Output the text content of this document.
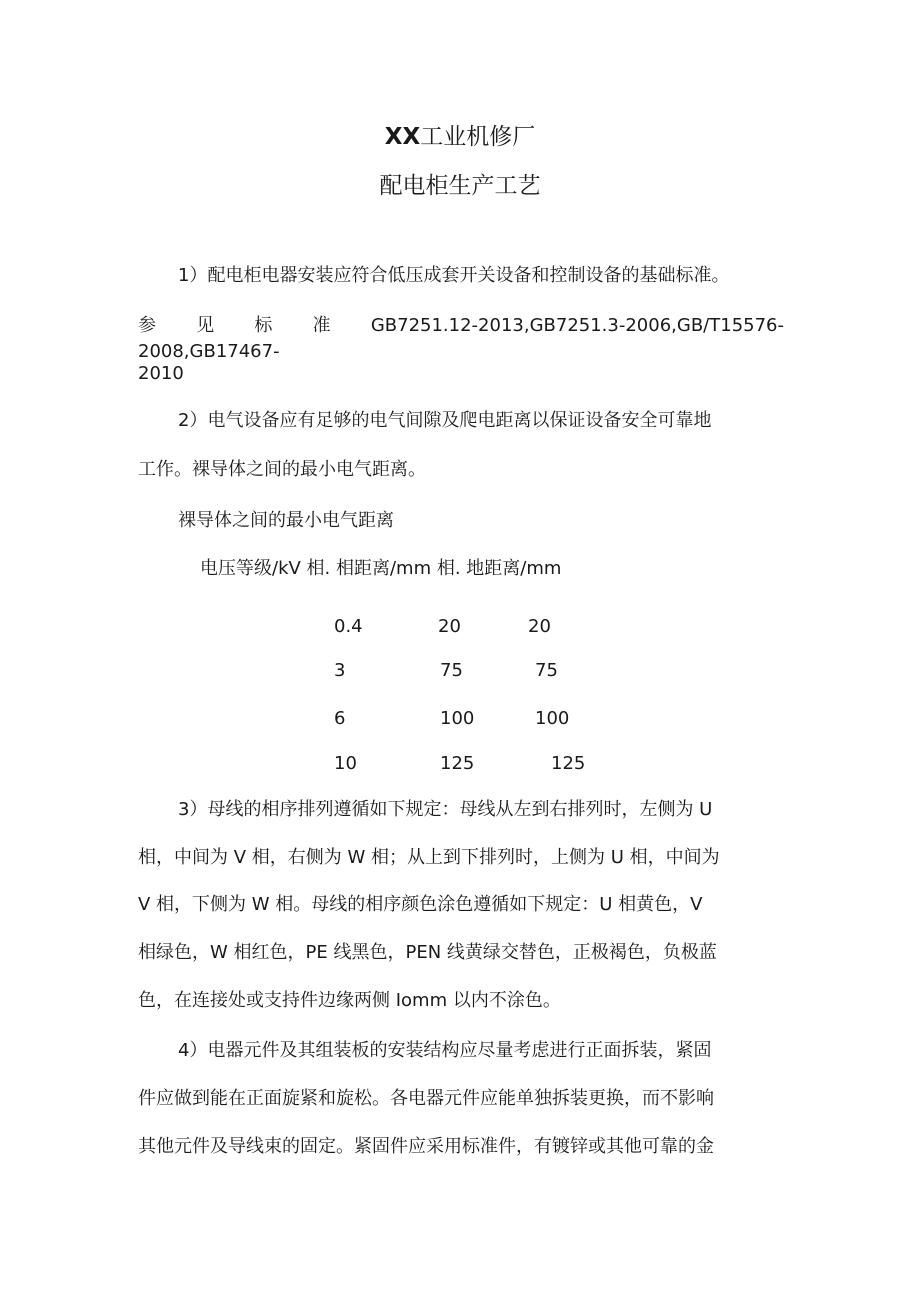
XX工业机修厂
配电柜生产工艺
1）配电柜电器安装应符合低压成套开关设备和控制设备的基础标准。
参 见 标 准 GB7251.12-2013,GB7251.3-2006,GB/T15576-2008,GB17467-
2010
2）电气设备应有足够的电气间隙及爬电距离以保证设备安全可靠地
工作。裸导体之间的最小电气距离。
裸导体之间的最小电气距离
电压等级/kV 相. 相距离/mm 相. 地距离/mm
0.4	20	20
3	75	75
6	100	100
10	125	125
3）母线的相序排列遵循如下规定：母线从左到右排列时，左侧为 U
相，中间为 V 相，右侧为 W 相；从上到下排列时，上侧为 U 相，中间为
V 相，下侧为 W 相。母线的相序颜色涂色遵循如下规定：U 相黄色，V
相绿色，W 相红色，PE 线黑色，PEN 线黄绿交替色，正极褐色，负极蓝
色，在连接处或支持件边缘两侧 Iomm 以内不涂色。
4）电器元件及其组装板的安装结构应尽量考虑进行正面拆装，紧固
件应做到能在正面旋紧和旋松。各电器元件应能单独拆装更换，而不影响
其他元件及导线束的固定。紧固件应采用标准件，有镀锌或其他可靠的金
